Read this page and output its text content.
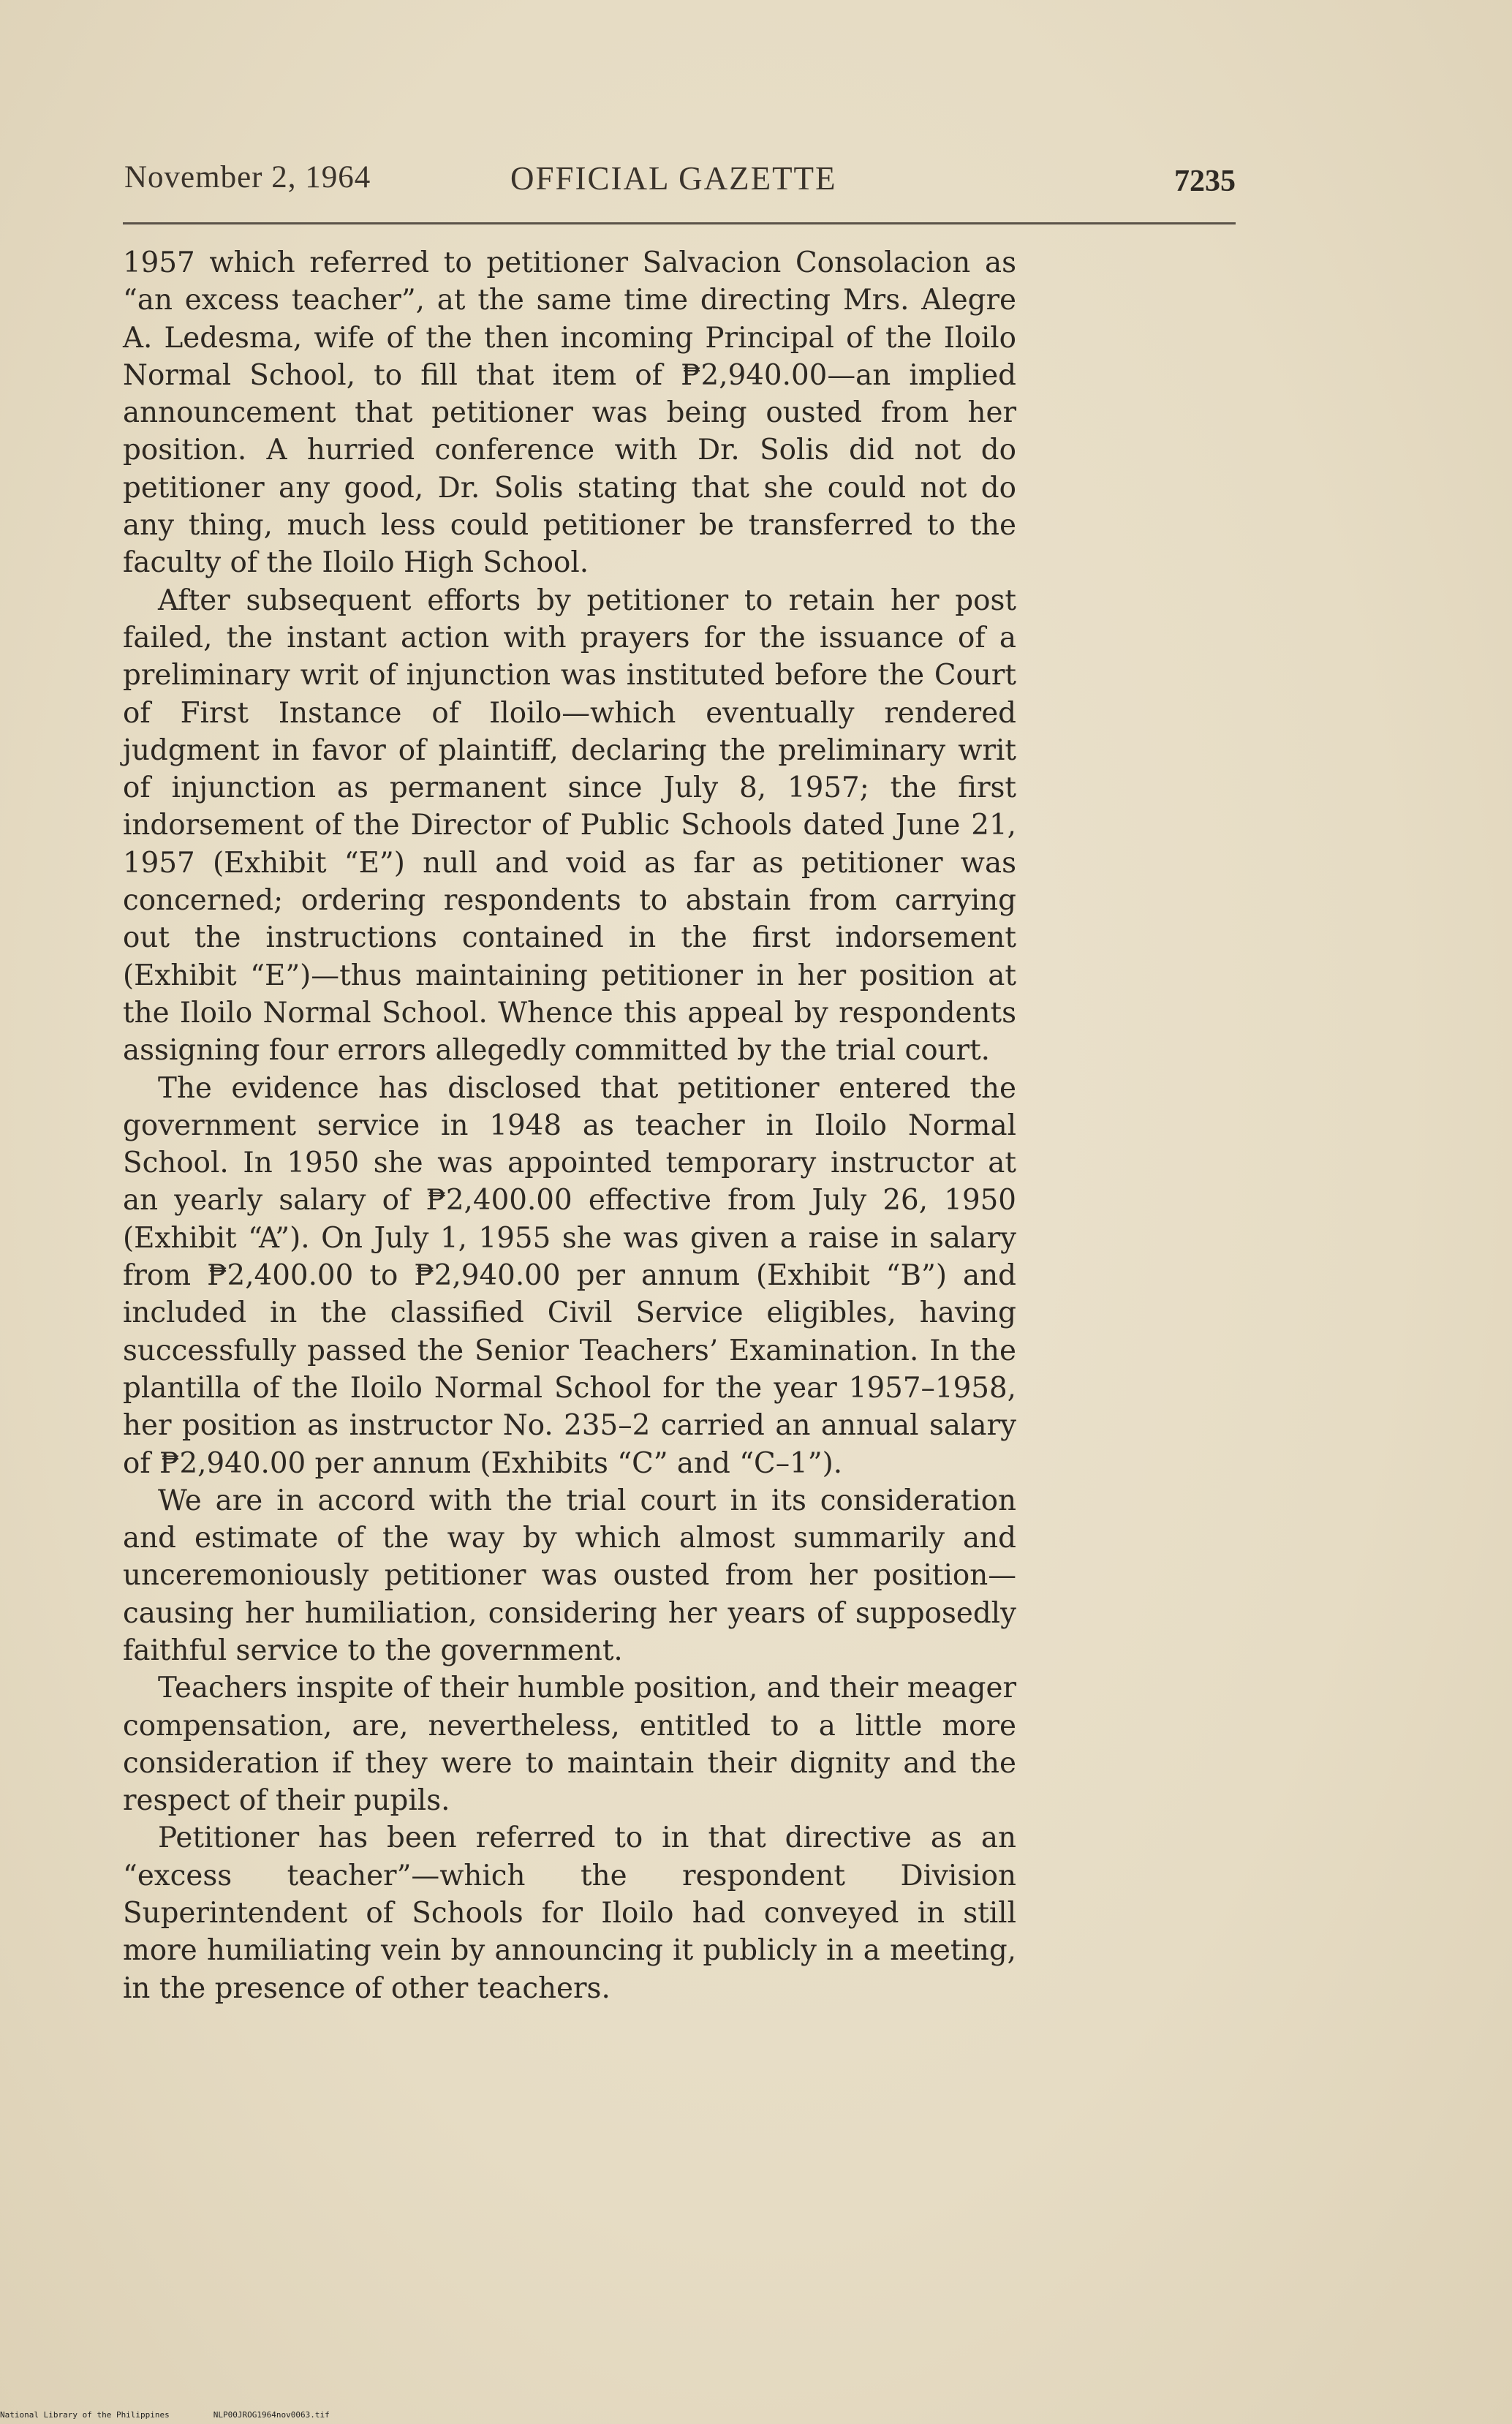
November 2, 1964	OFFICIAL GAZETTE	7235

1957 which referred to petitioner Salvacion Consolacion as “an excess teacher”, at the same time directing Mrs. Alegre A. Ledesma, wife of the then incoming Principal of the Iloilo Normal School, to fill that item of ₱2,940.00—an implied announcement that petitioner was being ousted from her position. A hurried conference with Dr. Solis did not do petitioner any good, Dr. Solis stating that she could not do any thing, much less could petitioner be transferred to the faculty of the Iloilo High School.

After subsequent efforts by petitioner to retain her post failed, the instant action with prayers for the issuance of a preliminary writ of injunction was instituted before the Court of First Instance of Iloilo—which eventually rendered judgment in favor of plaintiff, declaring the preliminary writ of injunction as permanent since July 8, 1957; the first indorsement of the Director of Public Schools dated June 21, 1957 (Exhibit “E”) null and void as far as petitioner was concerned; ordering respondents to abstain from carrying out the instructions contained in the first indorsement (Exhibit “E”)—thus maintaining petitioner in her position at the Iloilo Normal School. Whence this appeal by respondents assigning four errors allegedly committed by the trial court.

The evidence has disclosed that petitioner entered the government service in 1948 as teacher in Iloilo Normal School. In 1950 she was appointed temporary instructor at an yearly salary of ₱2,400.00 effective from July 26, 1950 (Exhibit “A”). On July 1, 1955 she was given a raise in salary from ₱2,400.00 to ₱2,940.00 per annum (Exhibit “B”) and included in the classified Civil Service eligibles, having successfully passed the Senior Teachers’ Examination. In the plantilla of the Iloilo Normal School for the year 1957–1958, her position as instructor No. 235–2 carried an annual salary of ₱2,940.00 per annum (Exhibits “C” and “C–1”).

We are in accord with the trial court in its consideration and estimate of the way by which almost summarily and unceremoniously petitioner was ousted from her position—causing her humiliation, considering her years of supposedly faithful service to the government.

Teachers inspite of their humble position, and their meager compensation, are, nevertheless, entitled to a little more consideration if they were to maintain their dignity and the respect of their pupils.

Petitioner has been referred to in that directive as an “excess teacher”—which the respondent Division Superintendent of Schools for Iloilo had conveyed in still more humiliating vein by announcing it publicly in a meeting, in the presence of other teachers.

National Library of the Philippines	NLP00JROG1964nov0063.tif
